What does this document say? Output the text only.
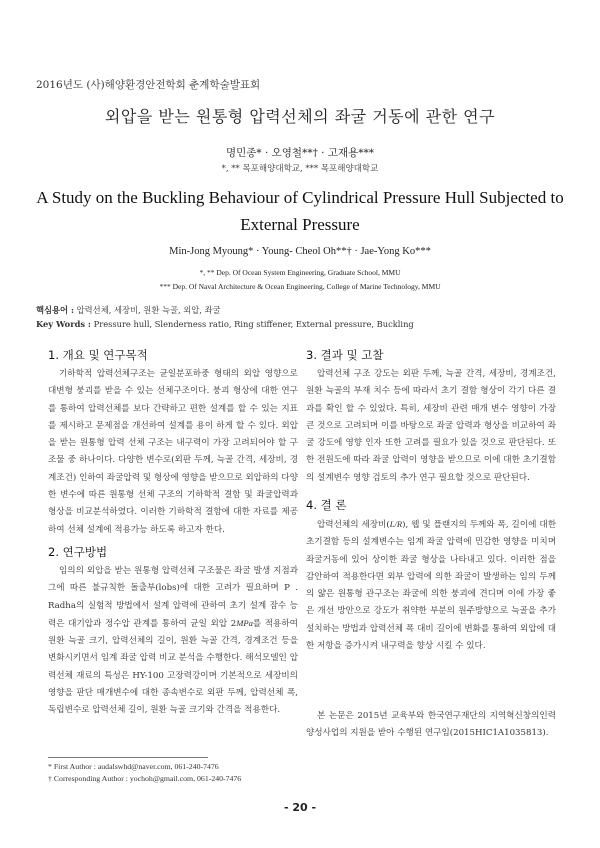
2016년도 (사)해양환경안전학회 춘계학술발표회
외압을 받는 원통형 압력선체의 좌굴 거동에 관한 연구
명민종* · 오영철**† · 고재용***
*, ** 목포해양대학교, *** 목포해양대학교
A Study on the Buckling Behaviour of Cylindrical Pressure Hull Subjected to External Pressure
Min-Jong Myoung* · Young- Cheol Oh**† · Jae-Yong Ko***
*, ** Dep. Of Ocean System Engineering, Graduate School, MMU
*** Dep. Of Naval Architecture & Ocean Engineering, College of Marine Technology, MMU
핵심용어 : 압력선체, 세장비, 원환 늑골, 외압, 좌굴
Key Words : Pressure hull, Slenderness ratio, Ring stiffener, External pressure, Buckling
1. 개요 및 연구목적

기하학적 압력선체구조는 균일분포하중 형태의 외압 영향으로 대변형 붕괴를 받을 수 있는 선체구조이다. 붕괴 형상에 대한 연구를 통하여 압력선체를 보다 간략하고 편한 설계를 할 수 있는 지표를 제시하고 문제점을 개선하여 설계를 용이 하게 할 수 있다. 외압을 받는 원통형 압력 선체 구조는 내구력이 가장 고려되어야 할 구조물 중 하나이다. 다양한 변수로(외판 두께, 늑골 간격, 세장비, 경계조건) 인하여 좌굴압력 및 형상에 영향을 받으므로 외압하의 다양한 변수에 따른 원통형 선체 구조의 기하학적 결함 및 좌굴압력과 형상을 비교분석하였다. 이러한 기하학적 결함에 대한 자료를 제공하여 선체 설계에 적용가능 하도록 하고자 한다.

2. 연구방법

임의의 외압을 받는 원통형 압력선체 구조물은 좌굴 발생 지점과 그에 따른 불규칙한 돌출부(lobs)에 대한 고려가 필요하며 P . Radha의 실험적 방법에서 설계 압력에 관하여 초기 설계 잠수 능력은 대기압과 정수압 관계를 통하여 균일 외압 2MPa를 적용하여 원환 늑골 크기, 압력선체의 길이, 원환 늑골 간격, 경계조건 등을 변화시키면서 임계 좌굴 압력 비교 분석을 수행한다. 해석모델인 압력선체 재료의 특성은 HY-100 고장력강이며 기본적으로 세장비의 영향을 판단 매개변수에 대한 종속변수로 외판 두께, 압력선체 폭, 독립변수로 압력선체 길이, 원환 늑골 크기와 간격을 적용한다.

3. 결과 및 고찰

압력선체 구조 강도는 외판 두께, 늑골 간격, 세장비, 경계조건, 원환 늑골의 부재 치수 등에 따라서 초기 결함 형상이 각기 다른 결과를 확인 할 수 있었다. 특히, 세장비 관련 매개 변수 영향이 가장 큰 것으로 고려되며 이를 바탕으로 좌굴 압력과 형상을 비교하여 좌굴 강도에 영향 인자 또한 고려를 필요가 있을 것으로 판단된다. 또한 전원도에 따라 좌굴 압력이 영향을 받으므로 이에 대한 초기결함의 설계변수 영향 검토의 추가 연구 필요할 것으로 판단된다.

4. 결 론

압력선체의 세장비(L/R), 웹 및 플랜지의 두께와 폭, 길이에 대한 초기결함 등의 설계변수는 임계 좌굴 압력에 민감한 영향을 미치며 좌굴거동에 있어 상이한 좌굴 형상을 나타내고 있다. 이러한 점을 감안하여 적용한다면 외부 압력에 의한 좌굴이 발생하는 임의 두께의 얇은 원통형 관구조는 좌굴에 의한 붕괴에 견디며 이에 가장 좋은 개선 방안으로 강도가 취약한 부분의 원주방향으로 늑골을 추가 설치하는 방법과 압력선체 폭 대비 길이에 변화를 통하여 외압에 대한 저항을 증가시켜 내구력을 향상 시킬 수 있다.

본 논문은 2015년 교육부와 한국연구재단의 지역혁신창의인력양성사업의 지원을 받아 수행된 연구임(2015HIC1A1035813).

* First Author : audalswhd@naver.com, 061-240-7476
† Corresponding Author : yochoh@gmail.com, 061-240-7476
- 20 -
